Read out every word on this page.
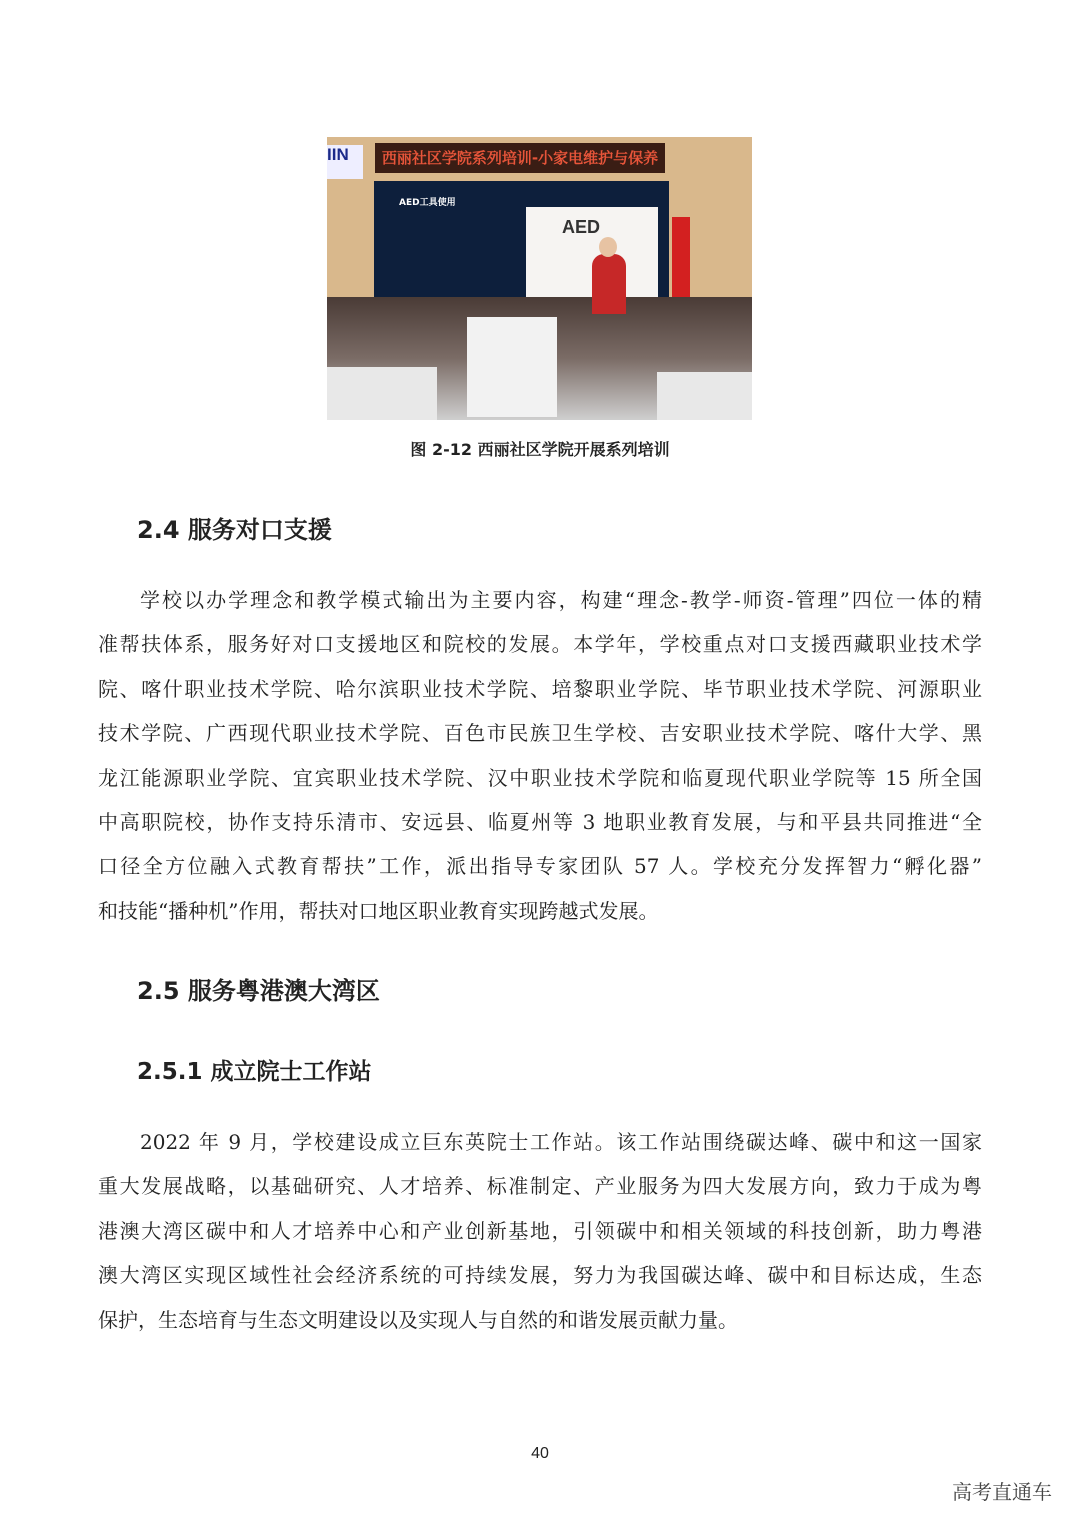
IIN	西丽社区学院系列培训-小家电维护与保养
AED工具使用
AED
图 2-12 西丽社区学院开展系列培训
2.4 服务对口支援
学校以办学理念和教学模式输出为主要内容，构建“理念-教学-师资-管理”四位一体的精
准帮扶体系，服务好对口支援地区和院校的发展。本学年，学校重点对口支援西藏职业技术学
院、喀什职业技术学院、哈尔滨职业技术学院、培黎职业学院、毕节职业技术学院、河源职业
技术学院、广西现代职业技术学院、百色市民族卫生学校、吉安职业技术学院、喀什大学、黑
龙江能源职业学院、宜宾职业技术学院、汉中职业技术学院和临夏现代职业学院等 15 所全国
中高职院校，协作支持乐清市、安远县、临夏州等 3 地职业教育发展，与和平县共同推进“全
口径全方位融入式教育帮扶”工作，派出指导专家团队 57 人。学校充分发挥智力“孵化器”
和技能“播种机”作用，帮扶对口地区职业教育实现跨越式发展。
2.5 服务粤港澳大湾区
2.5.1 成立院士工作站
2022 年 9 月，学校建设成立巨东英院士工作站。该工作站围绕碳达峰、碳中和这一国家
重大发展战略，以基础研究、人才培养、标准制定、产业服务为四大发展方向，致力于成为粤
港澳大湾区碳中和人才培养中心和产业创新基地，引领碳中和相关领域的科技创新，助力粤港
澳大湾区实现区域性社会经济系统的可持续发展，努力为我国碳达峰、碳中和目标达成，生态
保护，生态培育与生态文明建设以及实现人与自然的和谐发展贡献力量。
40
高考直通车
